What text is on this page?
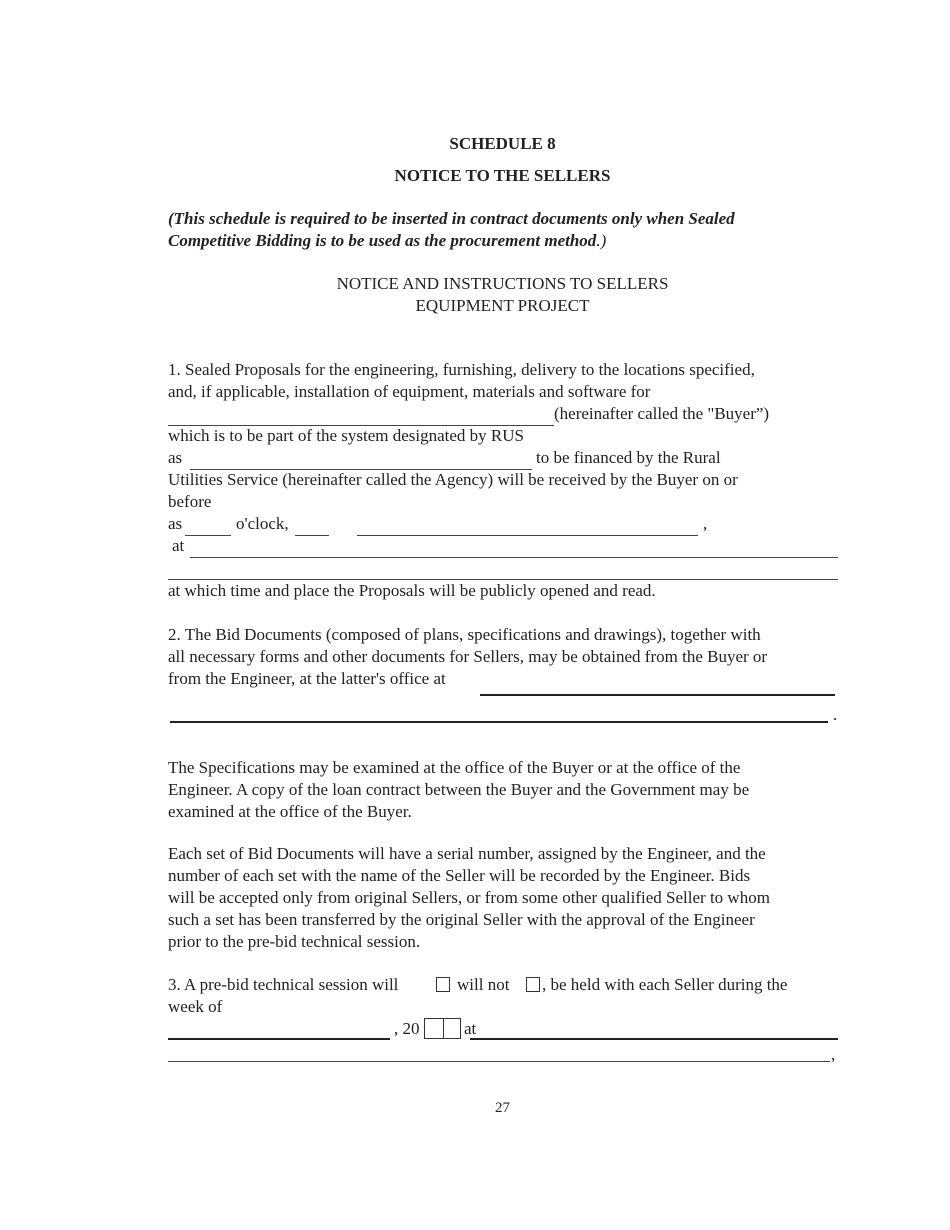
SCHEDULE 8
NOTICE TO THE SELLERS
(This schedule is required to be inserted in contract documents only when Sealed Competitive Bidding is to be used as the procurement method.)
NOTICE AND INSTRUCTIONS TO SELLERS
EQUIPMENT PROJECT
1. Sealed Proposals for the engineering, furnishing, delivery to the locations specified,
and, if applicable, installation of equipment, materials and software for
(hereinafter called the "Buyer”)
which is to be part of the system designated by RUS
as	to be financed by the Rural
Utilities Service (hereinafter called the Agency) will be received by the Buyer on or
before
as	o'clock,	,
at
at which time and place the Proposals will be publicly opened and read.
2. The Bid Documents (composed of plans, specifications and drawings), together with
all necessary forms and other documents for Sellers, may be obtained from the Buyer or
from the Engineer, at the latter's office at
.
The Specifications may be examined at the office of the Buyer or at the office of the
Engineer. A copy of the loan contract between the Buyer and the Government may be
examined at the office of the Buyer.
Each set of Bid Documents will have a serial number, assigned by the Engineer, and the
number of each set with the name of the Seller will be recorded by the Engineer. Bids
will be accepted only from original Sellers, or from some other qualified Seller to whom
such a set has been transferred by the original Seller with the approval of the Engineer
prior to the pre-bid technical session.
3. A pre-bid technical session will	will not , be held with each Seller during the
week of
, 20	at
,
27
